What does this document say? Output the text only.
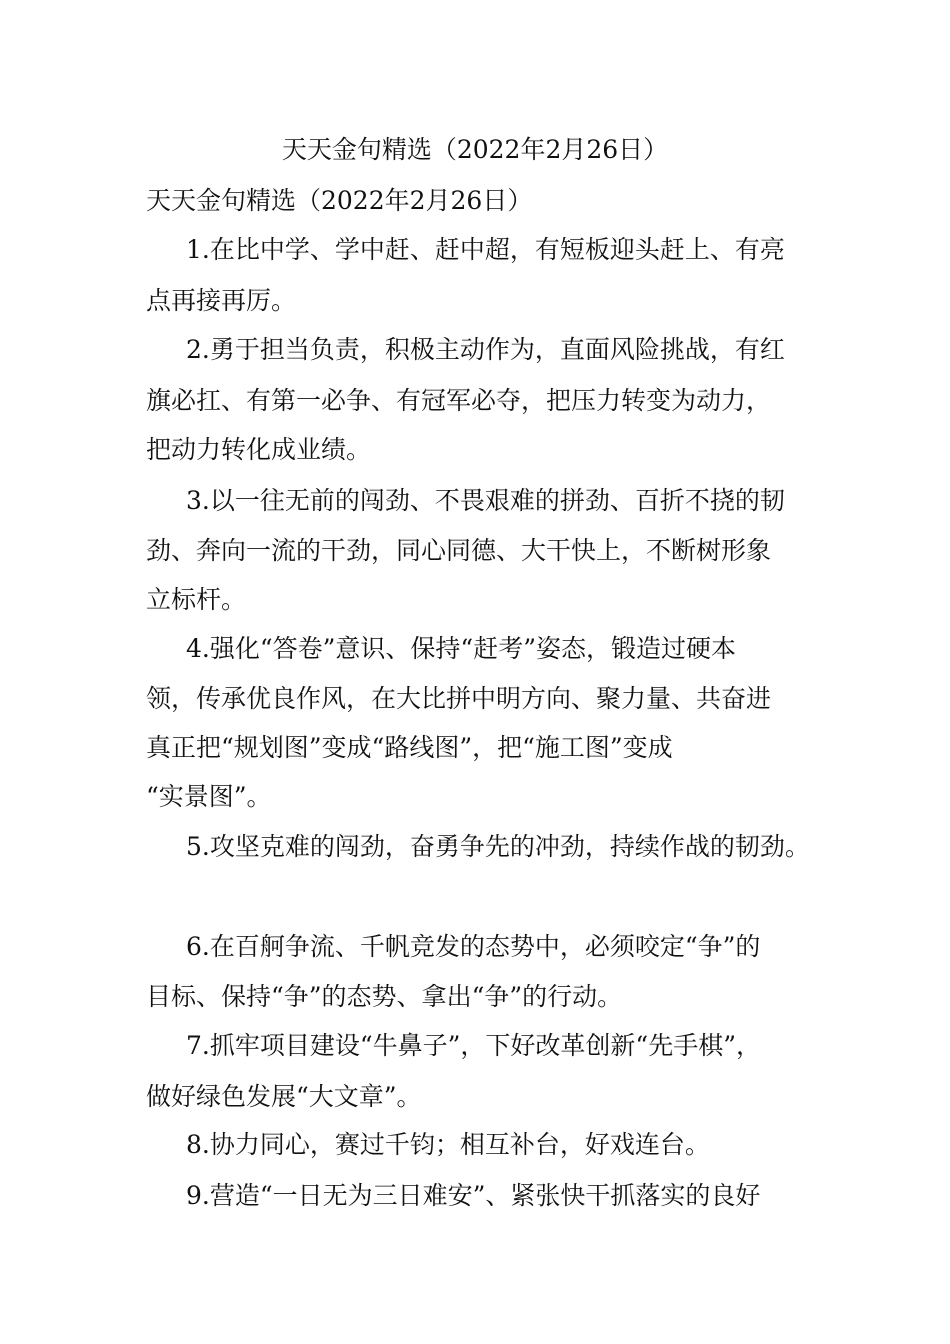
天天金句精选（2022年2月26日）
天天金句精选（2022年2月26日）
1.在比中学、学中赶、赶中超，有短板迎头赶上、有亮
点再接再厉。
2.勇于担当负责，积极主动作为，直面风险挑战，有红
旗必扛、有第一必争、有冠军必夺，把压力转变为动力，
把动力转化成业绩。
3.以一往无前的闯劲、不畏艰难的拼劲、百折不挠的韧
劲、奔向一流的干劲，同心同德、大干快上，不断树形象
立标杆。
4.强化“答卷”意识、保持“赶考”姿态，锻造过硬本
领，传承优良作风，在大比拼中明方向、聚力量、共奋进
真正把“规划图”变成“路线图”，把“施工图”变成
“实景图”。
5.攻坚克难的闯劲，奋勇争先的冲劲，持续作战的韧劲。
6.在百舸争流、千帆竞发的态势中，必须咬定“争”的
目标、保持“争”的态势、拿出“争”的行动。
7.抓牢项目建设“牛鼻子”，下好改革创新“先手棋”，
做好绿色发展“大文章”。
8.协力同心，赛过千钧；相互补台，好戏连台。
9.营造“一日无为三日难安”、紧张快干抓落实的良好
